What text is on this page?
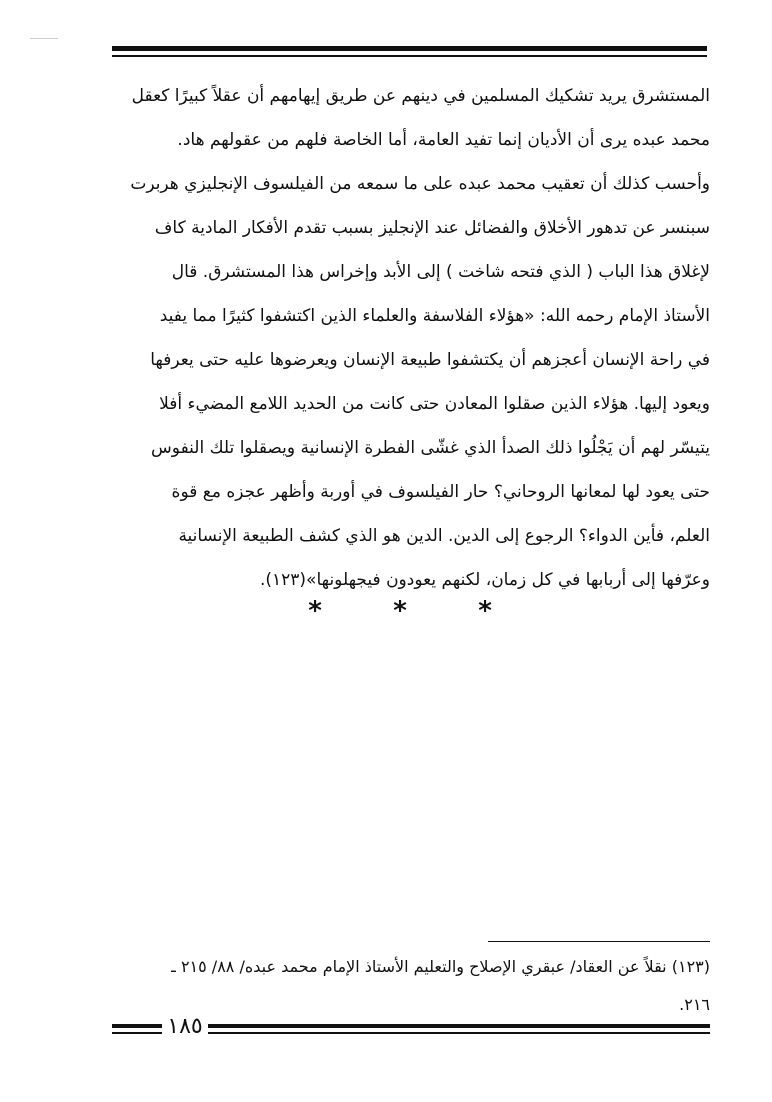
المستشرق يريد تشكيك المسلمين في دينهم عن طريق إيهامهم أن عقلاً كبيرًا كعقل
محمد عبده يرى أن الأديان إنما تفيد العامة، أما الخاصة فلهم من عقولهم هاد.
وأحسب كذلك أن تعقيب محمد عبده على ما سمعه من الفيلسوف الإنجليزي هربرت
سبنسر عن تدهور الأخلاق والفضائل عند الإنجليز بسبب تقدم الأفكار المادية كاف
لإغلاق هذا الباب ( الذي فتحه شاخت ) إلى الأبد وإخراس هذا المستشرق. قال
الأستاذ الإمام رحمه الله: «هؤلاء الفلاسفة والعلماء الذين اكتشفوا كثيرًا مما يفيد
في راحة الإنسان أعجزهم أن يكتشفوا طبيعة الإنسان ويعرضوها عليه حتى يعرفها
ويعود إليها. هؤلاء الذين صقلوا المعادن حتى كانت من الحديد اللامع المضيء أفلا
يتيسّر لهم أن يَجْلُوا ذلك الصدأ الذي غشّى الفطرة الإنسانية ويصقلوا تلك النفوس
حتى يعود لها لمعانها الروحاني؟ حار الفيلسوف في أوربة وأظهر عجزه مع قوة
العلم، فأين الدواء؟ الرجوع إلى الدين. الدين هو الذي كشف الطبيعة الإنسانية
وعرّفها إلى أربابها في كل زمان، لكنهم يعودون فيجهلونها»(١٢٣).
*	*	*
(١٢٣) نقلاً عن العقاد/ عبقري الإصلاح والتعليم الأستاذ الإمام محمد عبده/ ٨٨/ ٢١٥ ـ
٢١٦.
١٨٥
